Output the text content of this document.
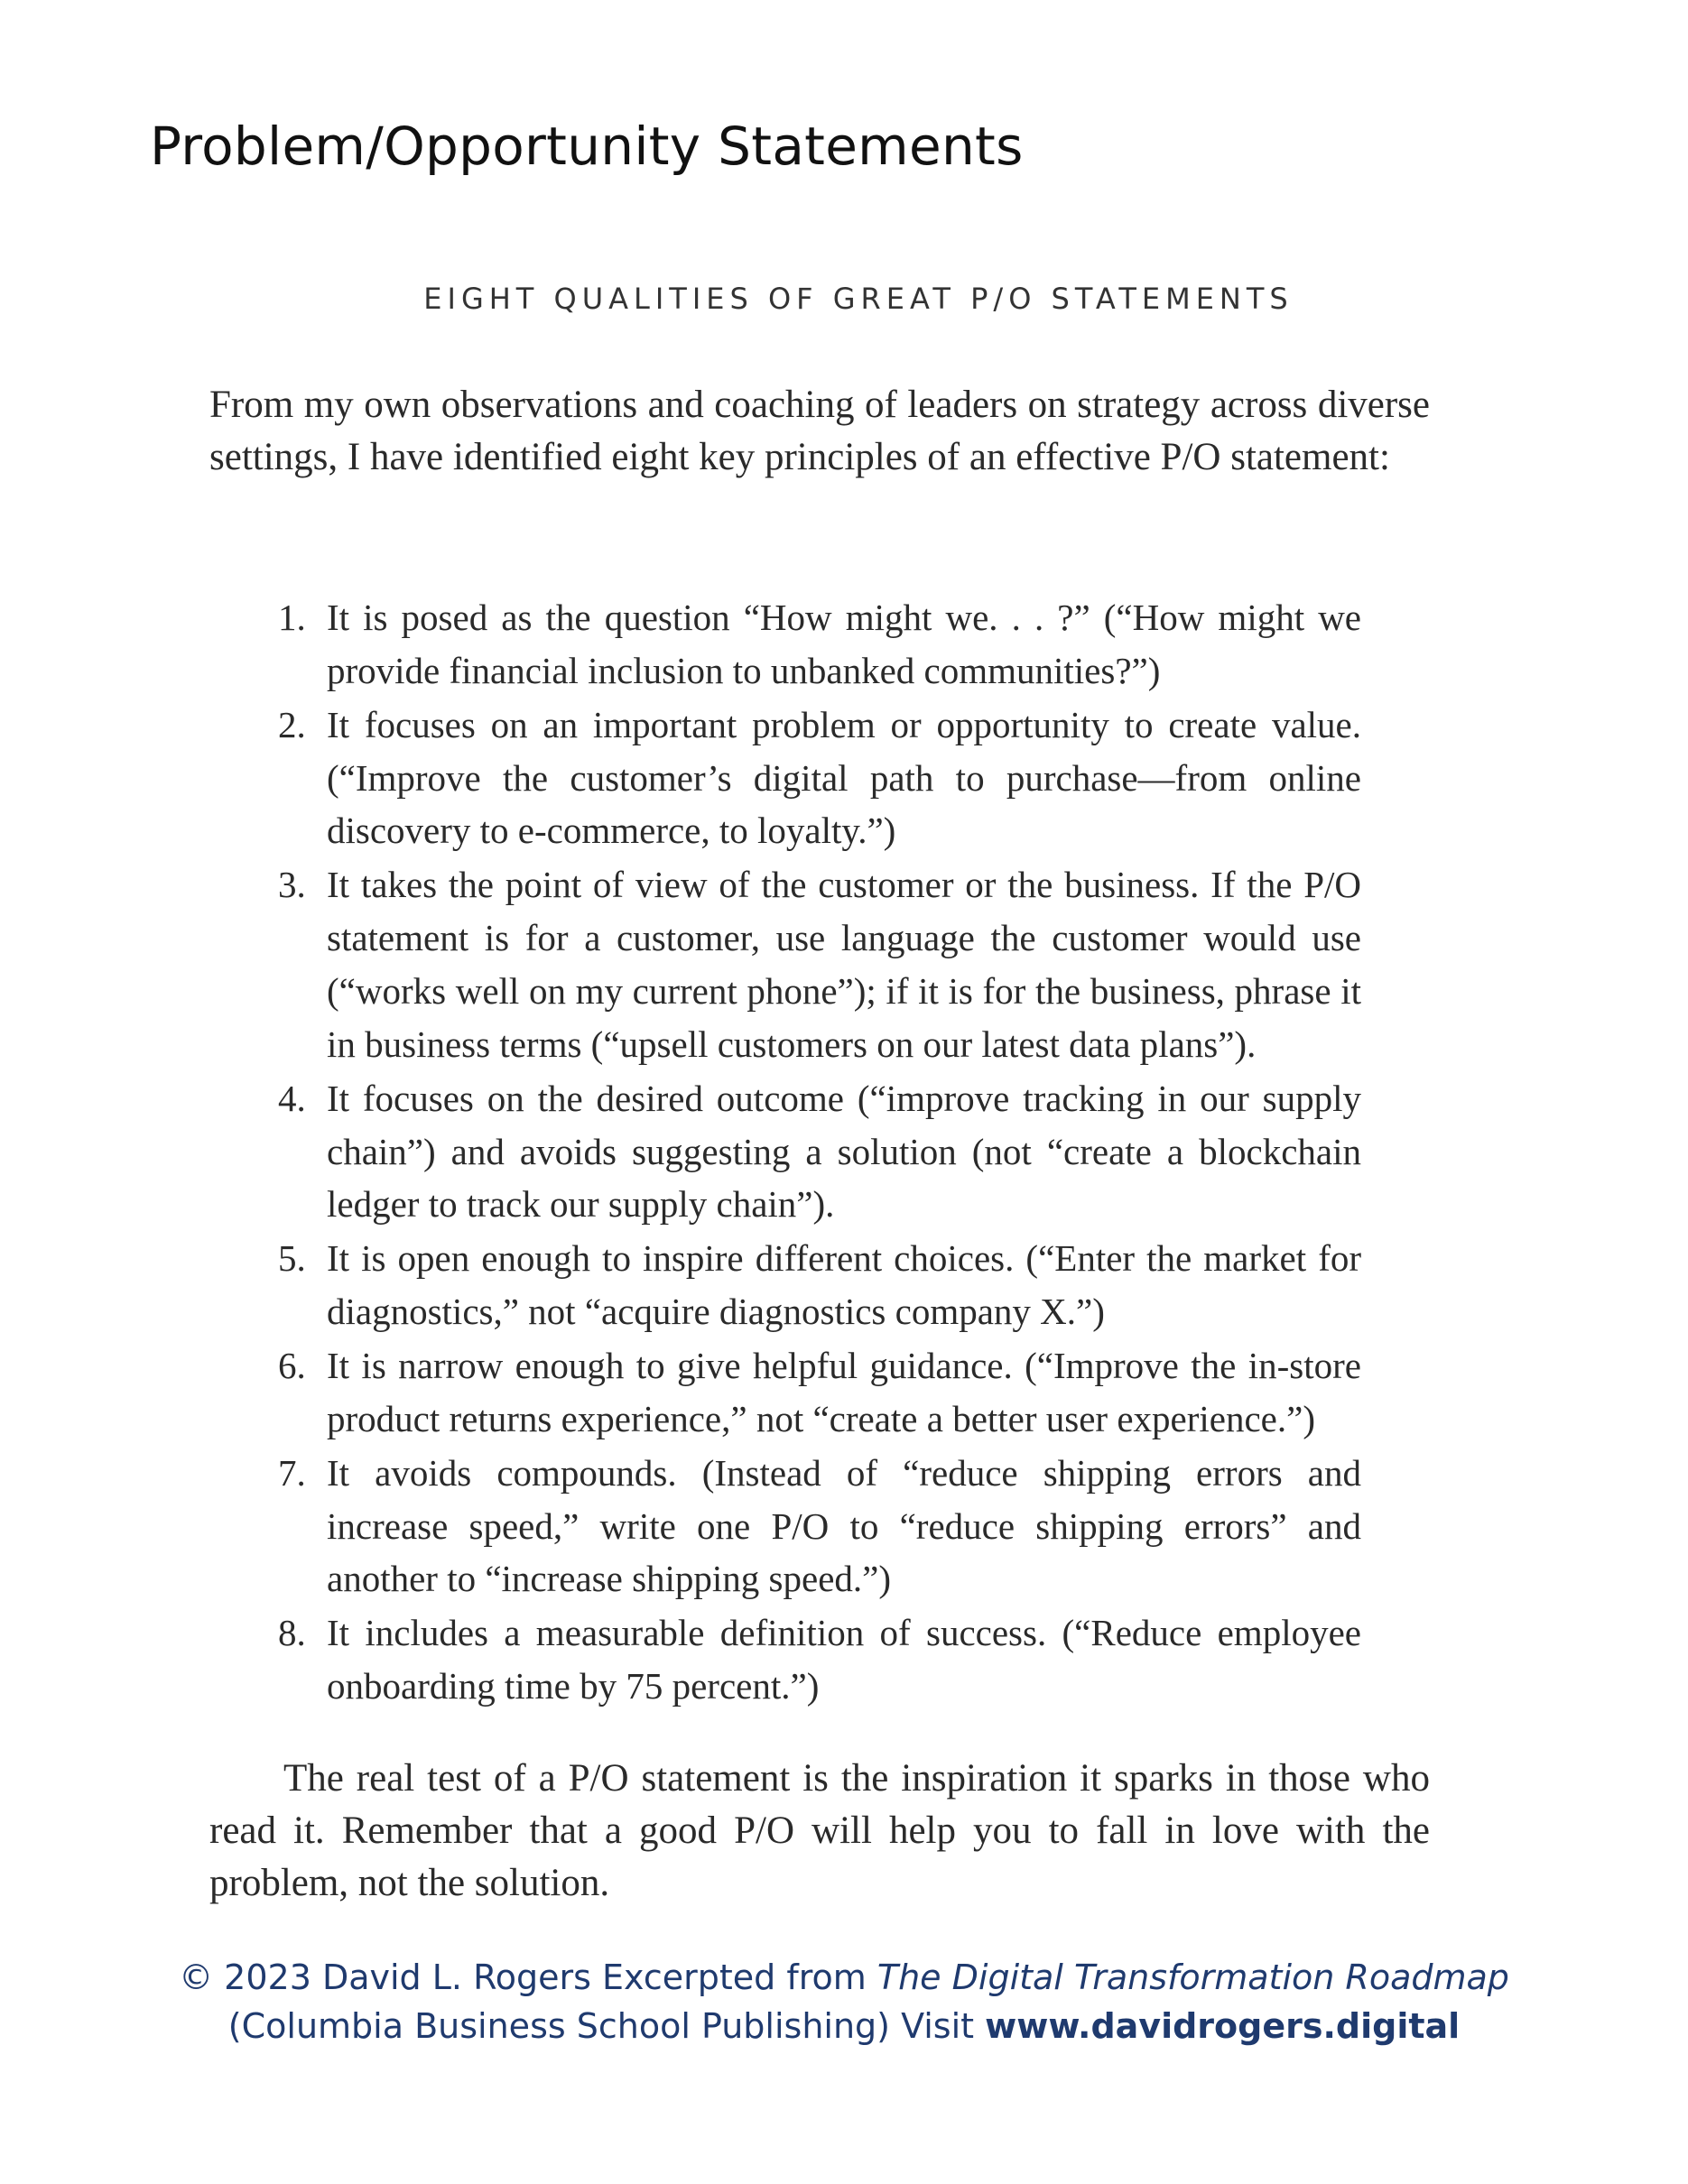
Problem/Opportunity Statements
EIGHT QUALITIES OF GREAT P/O STATEMENTS

From my own observations and coaching of leaders on strategy across diverse settings, I have identified eight key principles of an effective P/O statement:

1. It is posed as the question “How might we. . . ?” (“How might we provide financial inclusion to unbanked communities?”)
2. It focuses on an important problem or opportunity to create value. (“Improve the customer’s digital path to purchase—from online discovery to e-commerce, to loyalty.”)
3. It takes the point of view of the customer or the business. If the P/O statement is for a customer, use language the customer would use (“works well on my current phone”); if it is for the business, phrase it in business terms (“upsell customers on our latest data plans”).
4. It focuses on the desired outcome (“improve tracking in our supply chain”) and avoids suggesting a solution (not “create a blockchain ledger to track our supply chain”).
5. It is open enough to inspire different choices. (“Enter the market for diagnostics,” not “acquire diagnostics company X.”)
6. It is narrow enough to give helpful guidance. (“Improve the in-store product returns experience,” not “create a better user experience.”)
7. It avoids compounds. (Instead of “reduce shipping errors and increase speed,” write one P/O to “reduce shipping errors” and another to “increase shipping speed.”)
8. It includes a measurable definition of success. (“Reduce employee onboarding time by 75 percent.”)

The real test of a P/O statement is the inspiration it sparks in those who read it. Remember that a good P/O will help you to fall in love with the problem, not the solution.

© 2023 David L. Rogers Excerpted from The Digital Transformation Roadmap
(Columbia Business School Publishing) Visit www.davidrogers.digital
